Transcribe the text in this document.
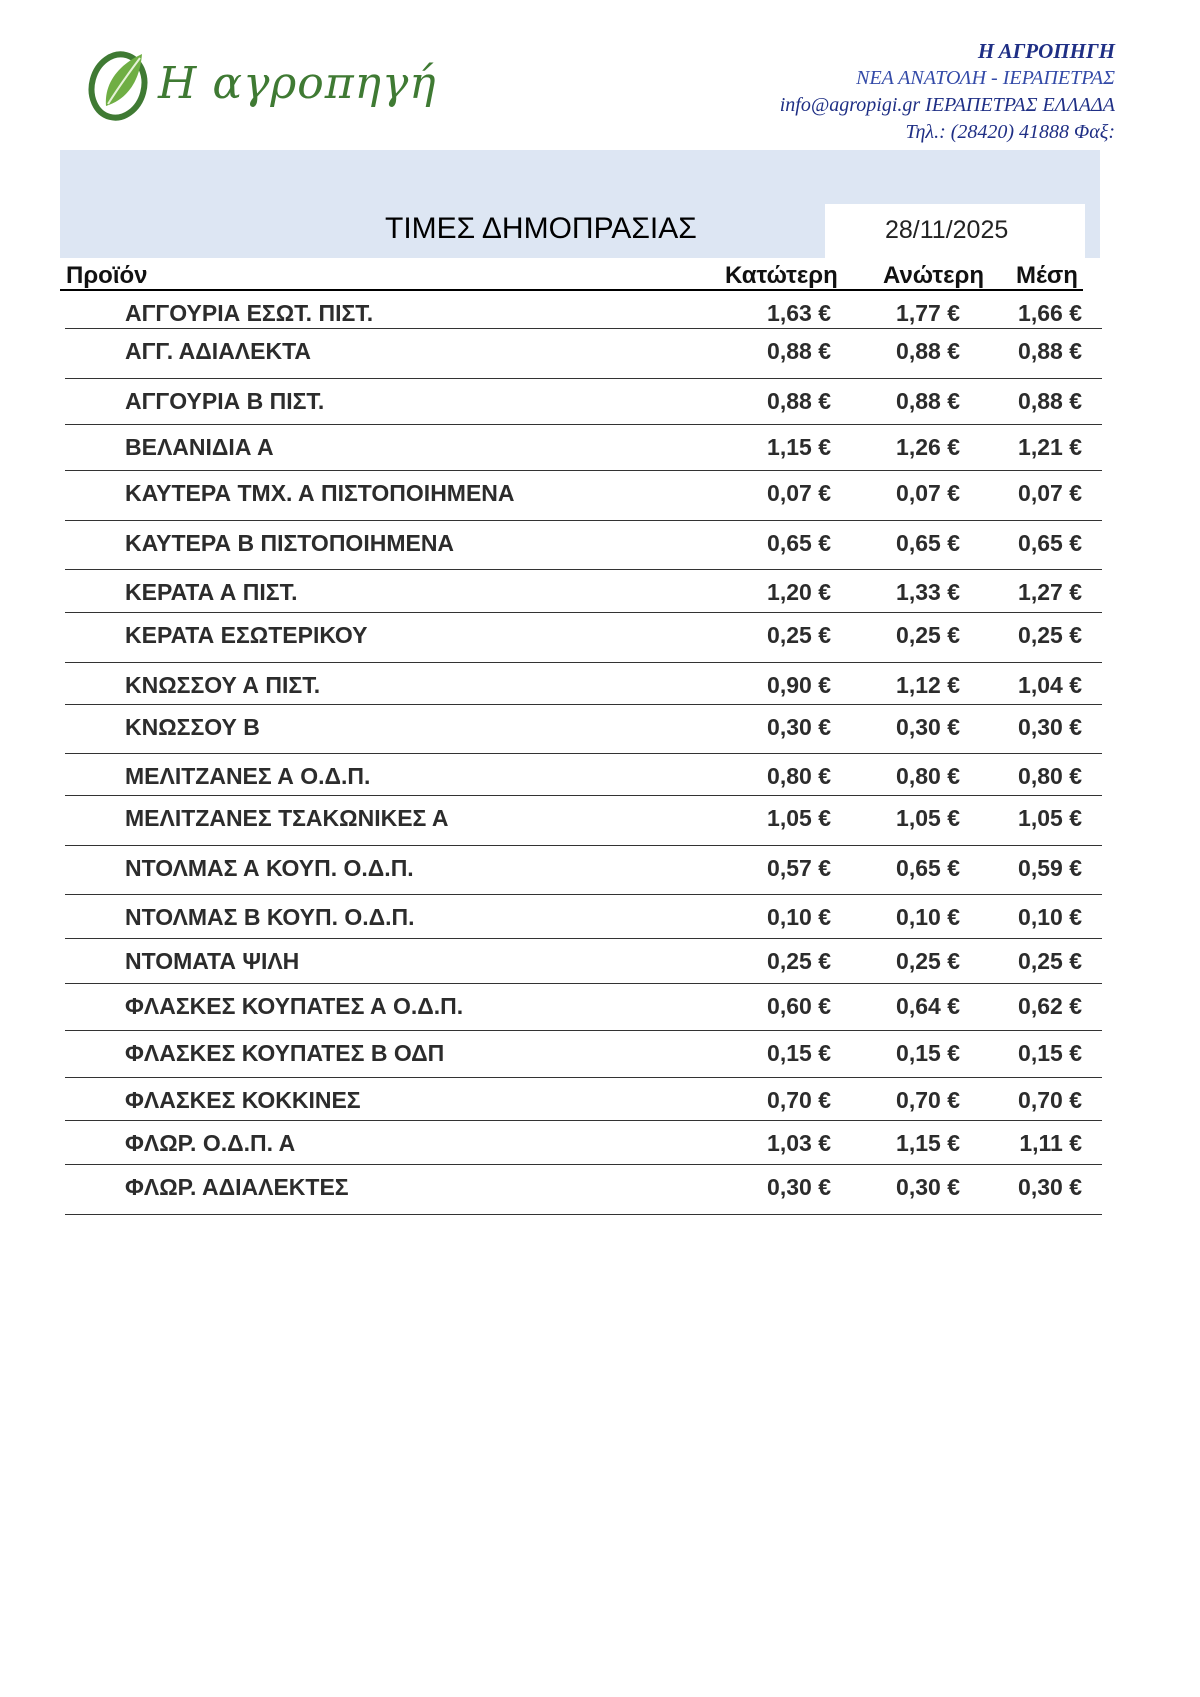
Η αγροπηγή
Η ΑΓΡΟΠΗΓΗ
ΝΕΑ ΑΝΑΤΟΛΗ - ΙΕΡΑΠΕΤΡΑΣ
info@agropigi.gr ΙΕΡΑΠΕΤΡΑΣ ΕΛΛΑΔΑ
Τηλ.: (28420) 41888 Φαξ:
ΤΙΜΕΣ ΔΗΜΟΠΡΑΣΙΑΣ	28/11/2025
Προϊόν	Κατώτερη Ανώτερη Μέση
ΑΓΓΟΥΡΙΑ ΕΣΩΤ. ΠΙΣΤ.	1,63 €	1,77 €	1,66 €
ΑΓΓ. ΑΔΙΑΛΕΚΤΑ	0,88 €	0,88 €	0,88 €
ΑΓΓΟΥΡΙΑ Β ΠΙΣΤ.	0,88 €	0,88 €	0,88 €
ΒΕΛΑΝΙΔΙΑ Α	1,15 €	1,26 €	1,21 €
ΚΑΥΤΕΡΑ ΤΜΧ. Α ΠΙΣΤΟΠΟΙΗΜΕΝΑ	0,07 €	0,07 €	0,07 €
ΚΑΥΤΕΡΑ Β ΠΙΣΤΟΠΟΙΗΜΕΝΑ	0,65 €	0,65 €	0,65 €
ΚΕΡΑΤΑ Α ΠΙΣΤ.	1,20 €	1,33 €	1,27 €
ΚΕΡΑΤΑ ΕΣΩΤΕΡΙΚΟΥ	0,25 €	0,25 €	0,25 €
ΚΝΩΣΣΟΥ Α ΠΙΣΤ.	0,90 €	1,12 €	1,04 €
ΚΝΩΣΣΟΥ Β	0,30 €	0,30 €	0,30 €
ΜΕΛΙΤΖΑΝΕΣ Α Ο.Δ.Π.	0,80 €	0,80 €	0,80 €
ΜΕΛΙΤΖΑΝΕΣ ΤΣΑΚΩΝΙΚΕΣ Α	1,05 €	1,05 €	1,05 €
ΝΤΟΛΜΑΣ Α ΚΟΥΠ. Ο.Δ.Π.	0,57 €	0,65 €	0,59 €
ΝΤΟΛΜΑΣ Β ΚΟΥΠ. Ο.Δ.Π.	0,10 €	0,10 €	0,10 €
ΝΤΟΜΑΤΑ ΨΙΛΗ	0,25 €	0,25 €	0,25 €
ΦΛΑΣΚΕΣ ΚΟΥΠΑΤΕΣ Α Ο.Δ.Π.	0,60 €	0,64 €	0,62 €
ΦΛΑΣΚΕΣ ΚΟΥΠΑΤΕΣ Β ΟΔΠ	0,15 €	0,15 €	0,15 €
ΦΛΑΣΚΕΣ ΚΟΚΚΙΝΕΣ	0,70 €	0,70 €	0,70 €
ΦΛΩΡ. Ο.Δ.Π. Α	1,03 €	1,15 €	1,11 €
ΦΛΩΡ. ΑΔΙΑΛΕΚΤΕΣ	0,30 €	0,30 €	0,30 €
